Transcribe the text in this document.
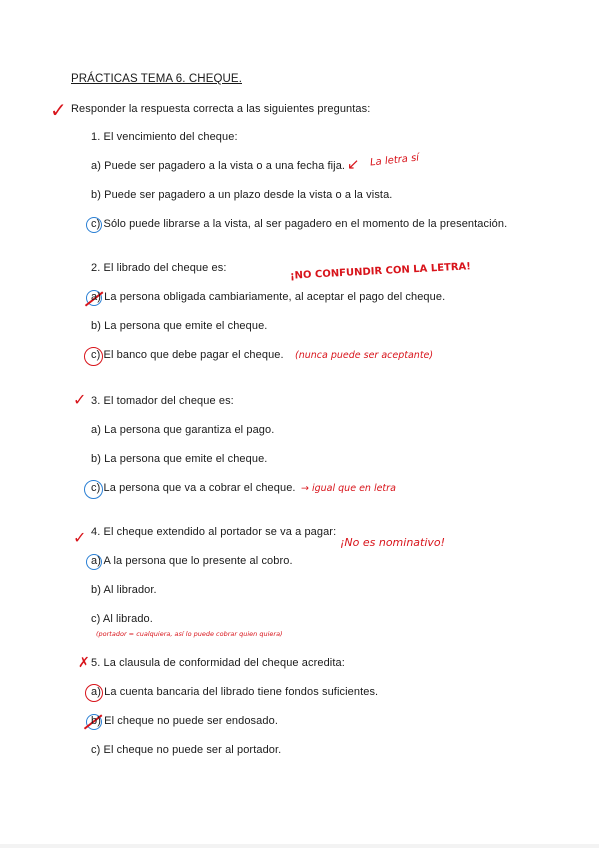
PRÁCTICAS TEMA 6. CHEQUE.
✓ Responder la respuesta correcta a las siguientes preguntas:
1. El vencimiento del cheque:
a) Puede ser pagadero a la vista o a una fecha fija. ↙ La letra sí
b) Puede ser pagadero a un plazo desde la vista o a la vista.
c) Sólo puede librarse a la vista, al ser pagadero en el momento de la presentación.
2. El librado del cheque es:	¡NO CONFUNDIR CON LA LETRA!
a) La persona obligada cambiariamente, al aceptar el pago del cheque.
b) La persona que emite el cheque.
c) El banco que debe pagar el cheque. (nunca puede ser aceptante)
✓ 3. El tomador del cheque es:
a) La persona que garantiza el pago.
b) La persona que emite el cheque.
c) La persona que va a cobrar el cheque. → igual que en letra
✓ 4. El cheque extendido al portador se va a pagar:
¡No es nominativo!
a) A la persona que lo presente al cobro.
b) Al librador.
c) Al librado.
(portador = cualquiera, así lo puede cobrar quien quiera)
✗ 5. La clausula de conformidad del cheque acredita:
a) La cuenta bancaria del librado tiene fondos suficientes.
b) El cheque no puede ser endosado.
c) El cheque no puede ser al portador.
